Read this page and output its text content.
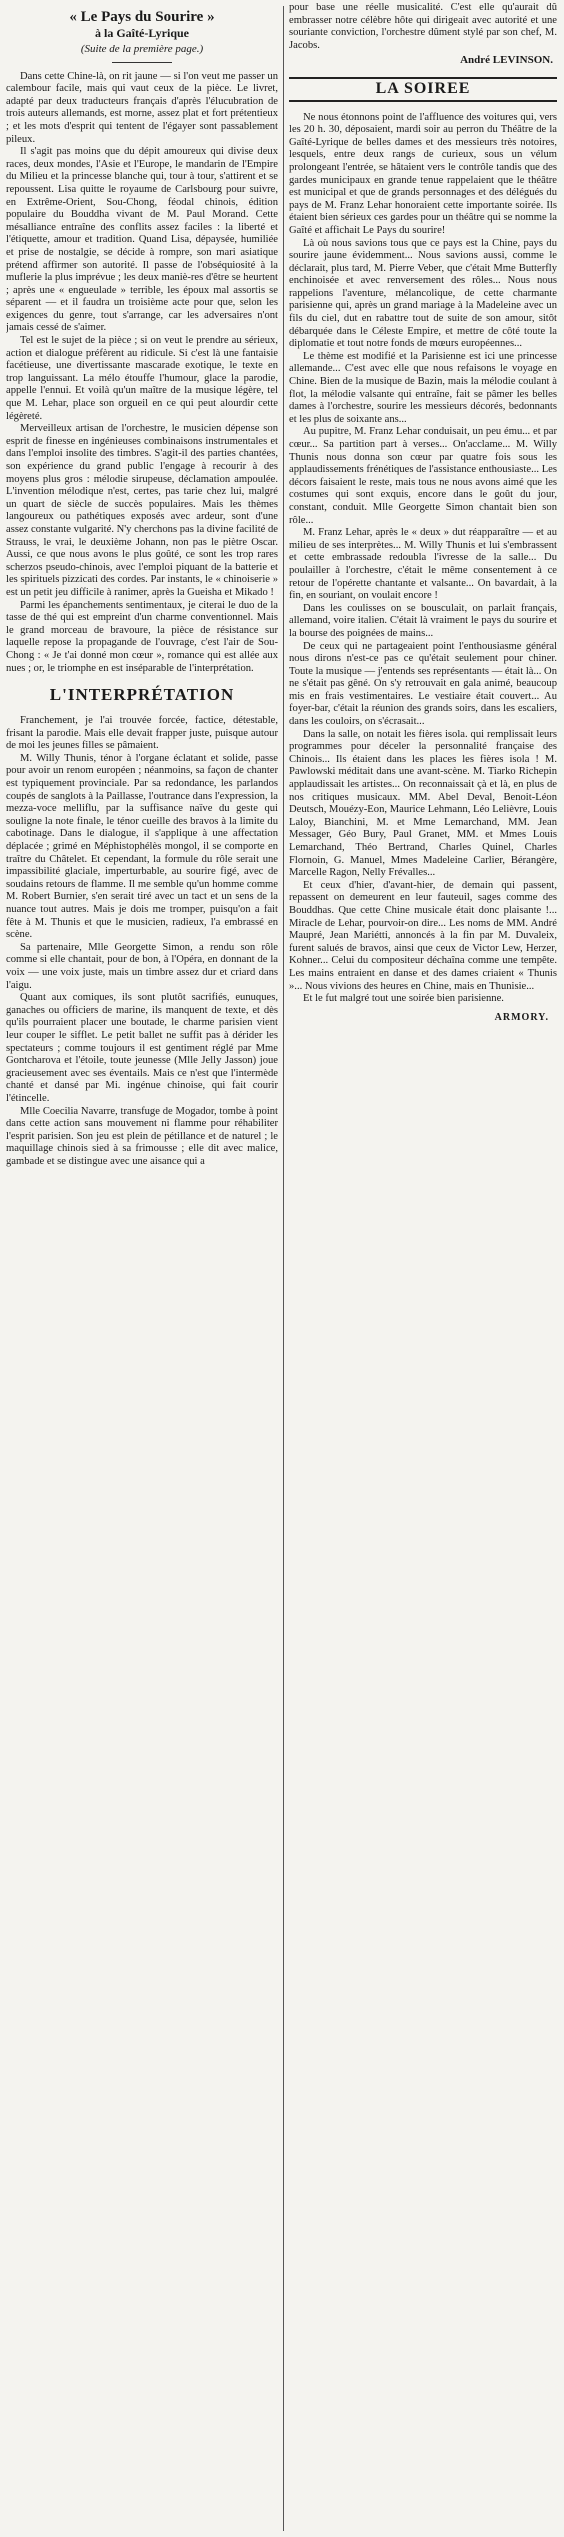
« Le Pays du Sourire »
à la Gaîté-Lyrique
(Suite de la première page.)

Dans cette Chine-là, on rit jaune — si l'on veut me passer un calembour facile, mais qui vaut ceux de la pièce. Le livret, adapté par deux traducteurs français d'après l'élucubration de trois auteurs allemands, est morne, assez plat et fort prétentieux ; et les mots d'esprit qui tentent de l'égayer sont passablement pileux.

Il s'agit pas moins que du dépit amoureux qui divise deux races, deux mondes, l'Asie et l'Europe, le mandarin de l'Empire du Milieu et la princesse blanche qui, tour à tour, s'attirent et se repoussent. Lisa quitte le royaume de Carlsbourg pour suivre, en Extrême-Orient, Sou-Chong, féodal chinois, édition populaire du Bouddha vivant de M. Paul Morand. Cette mésalliance entraîne des conflits assez faciles : la liberté et l'étiquette, amour et tradition. Quand Lisa, dépaysée, humiliée et prise de nostalgie, se décide à rompre, son mari asiatique prétend affirmer son autorité. Il passe de l'obséquiosité à la muflerie la plus imprévue ; les deux maniè-res d'être se heurtent ; après une « engueulade » terrible, les époux mal assortis se séparent — et il faudra un troisième acte pour que, selon les exigences du genre, tout s'arrange, car les adversaires n'ont jamais cessé de s'aimer.

Tel est le sujet de la pièce ; si on veut le prendre au sérieux, action et dialogue préfèrent au ridicule. Si c'est là une fantaisie facétieuse, une divertissante mascarade exotique, le texte en trop languissant. La mélo étouffe l'humour, glace la parodie, appelle l'ennui. Et voilà qu'un maître de la musique légère, tel que M. Lehar, place son orgueil en ce qui peut alourdir cette légèreté.

Merveilleux artisan de l'orchestre, le musicien dépense son esprit de finesse en ingénieuses combinaisons instrumentales et dans l'emploi insolite des timbres. S'agit-il des parties chantées, son expérience du grand public l'engage à recourir à des moyens plus gros : mélodie sirupeuse, déclamation ampoulée. L'invention mélodique n'est, certes, pas tarie chez lui, malgré un quart de siècle de succès populaires. Mais les thèmes langoureux ou pathétiques exposés avec ardeur, sont d'une assez constante vulgarité. N'y cherchons pas la divine facilité de Strauss, le vrai, le deuxième Johann, non pas le piètre Oscar. Aussi, ce que nous avons le plus goûté, ce sont les trop rares scherzos pseudo-chinois, avec l'emploi piquant de la batterie et les spirituels pizzicati des cordes. Par instants, le « chinoiserie » est un petit jeu difficile à ranimer, après la Gueisha et Mikado !

Parmi les épanchements sentimentaux, je citerai le duo de la tasse de thé qui est empreint d'un charme conventionnel. Mais le grand morceau de bravoure, la pièce de résistance sur laquelle repose la propagande de l'ouvrage, c'est l'air de Sou-Chong : « Je t'ai donné mon cœur », romance qui est allée aux nues ; or, le triomphe en est inséparable de l'interprétation.

L'INTERPRÉTATION

Franchement, je l'ai trouvée forcée, factice, détestable, frisant la parodie. Mais elle devait frapper juste, puisque autour de moi les jeunes filles se pâmaient.

M. Willy Thunis, ténor à l'organe éclatant et solide, passe pour avoir un renom européen ; néanmoins, sa façon de chanter est typiquement provinciale. Par sa redondance, les parlandos coupés de sanglots à la Paillasse, l'outrance dans l'expression, la mezza-voce melliflu, par la suffisance naïve du geste qui souligne la note finale, le ténor cueille des bravos à la limite du cabotinage. Dans le dialogue, il s'applique à une affectation déplacée ; grimé en Méphistophélès mongol, il se comporte en traître du Châtelet. Et cependant, la formule du rôle serait une impassibilité glaciale, imperturbable, au sourire figé, avec de soudains retours de flamme. Il me semble qu'un homme comme M. Robert Burnier, s'en serait tiré avec un tact et un sens de la nuance tout autres. Mais je dois me tromper, puisqu'on a fait fête à M. Thunis et que le musicien, radieux, l'a embrassé en scène.

Sa partenaire, Mlle Georgette Simon, a rendu son rôle comme si elle chantait, pour de bon, à l'Opéra, en donnant de la voix — une voix juste, mais un timbre assez dur et criard dans l'aigu.

Quant aux comiques, ils sont plutôt sacrifiés, eunuques, ganaches ou officiers de marine, ils manquent de texte, et dès qu'ils pourraient placer une boutade, le charme parisien vient leur couper le sifflet. Le petit ballet ne suffit pas à dérider les spectateurs ; comme toujours il est gentiment réglé par Mme Gontcharova et l'étoile, toute jeunesse (Mlle Jelly Jasson) joue gracieusement avec ses éventails. Mais ce n'est que l'intermède chanté et dansé par Mi. ingénue chinoise, qui fait courir l'étincelle.

Mlle Coecilia Navarre, transfuge de Mogador, tombe à point dans cette action sans mouvement ni flamme pour réhabiliter l'esprit parisien. Son jeu est plein de pétillance et de naturel ; le maquillage chinois sied à sa frimousse ; elle dit avec malice, gambade et se distingue avec une aisance qui a

pour base une réelle musicalité. C'est elle qu'aurait dû embrasser notre célèbre hôte qui dirigeait avec autorité et une souriante conviction, l'orchestre dûment stylé par son chef, M. Jacobs.

André LEVINSON.
LA SOIREE

Ne nous étonnons point de l'affluence des voitures qui, vers les 20 h. 30, déposaient, mardi soir au perron du Théâtre de la Gaîté-Lyrique de belles dames et des messieurs très notoires, lesquels, entre deux rangs de curieux, sous un vélum prolongeant l'entrée, se hâtaient vers le contrôle tandis que des gardes municipaux en grande tenue rappelaient que le théâtre est municipal et que de grands personnages et des délégués du pays de M. Franz Lehar honoraient cette importante soirée. Ils étaient bien sérieux ces gardes pour un théâtre qui se nomme la Gaîté et affichait Le Pays du sourire!

Là où nous savions tous que ce pays est la Chine, pays du sourire jaune évidemment... Nous savions aussi, comme le déclarait, plus tard, M. Pierre Veber, que c'était Mme Butterfly enchinoisée et avec renversement des rôles... Nous nous rappelions l'aventure, mélancolique, de cette charmante parisienne qui, après un grand mariage à la Madeleine avec un fils du ciel, dut en rabattre tout de suite de son amour, sitôt débarquée dans le Céleste Empire, et mettre de côté toute la diplomatie et tout notre fonds de mœurs européennes...

Le thème est modifié et la Parisienne est ici une princesse allemande... C'est avec elle que nous refaisons le voyage en Chine. Bien de la musique de Bazin, mais la mélodie coulant à flot, la mélodie valsante qui entraîne, fait se pâmer les belles dames à l'orchestre, sourire les messieurs décorés, bedonnants et les plus de soixante ans...

Au pupitre, M. Franz Lehar conduisait, un peu ému... et par cœur... Sa partition part à verses... On'acclame... M. Willy Thunis nous donna son cœur par quatre fois sous les applaudissements frénétiques de l'assistance enthousiaste... Les décors faisaient le reste, mais tous ne nous avons aimé que les costumes qui sont exquis, encore dans le goût du jour, constant, conduit. Mlle Georgette Simon chantait bien son rôle...

M. Franz Lehar, après le « deux » dut réapparaître — et au milieu de ses interprètes... M. Willy Thunis et lui s'embrassent et cette embrassade redoubla l'ivresse de la salle... Du poulailler à l'orchestre, c'était le même consentement à ce retour de l'opérette chantante et valsante... On bavardait, à la fin, en souriant, on voulait encore !

Dans les coulisses on se bousculait, on parlait français, allemand, voire italien. C'était là vraiment le pays du sourire et la bourse des poignées de mains...

De ceux qui ne partageaient point l'enthousiasme général nous dirons n'est-ce pas ce qu'était seulement pour chiner. Toute la musique — j'entends ses représentants — était là... On ne s'était pas gêné. On s'y retrouvait en gala animé, beaucoup mis en frais vestimentaires. Le vestiaire était couvert... Au foyer-bar, c'était la réunion des grands soirs, dans les escaliers, dans les couloirs, on s'écrasait...

Dans la salle, on notait les fières isola. qui remplissait leurs programmes pour déceler la personnalité française des Chinois... Ils étaient dans les places les fières isola ! M. Pawlowski méditait dans une avant-scène. M. Tiarko Richepin applaudissait les artistes... On reconnaissait çà et là, en plus de nos critiques musicaux. MM. Abel Deval, Benoit-Léon Deutsch, Mouézy-Eon, Maurice Lehmann, Léo Lelièvre, Louis Laloy, Bianchini, M. et Mme Lemarchand, MM. Jean Messager, Géo Bury, Paul Granet, MM. et Mmes Louis Lemarchand, Théo Bertrand, Charles Quinel, Charles Flornoin, G. Manuel, Mmes Madeleine Carlier, Bérangère, Marcelle Ragon, Nelly Frévalles...

Et ceux d'hier, d'avant-hier, de demain qui passent, repassent on demeurent en leur fauteuil, sages comme des Bouddhas. Que cette Chine musicale était donc plaisante !... Miracle de Lehar, pourvoir-on dire... Les noms de MM. André Maupré, Jean Mariétti, annoncés à la fin par M. Duvaleix, furent salués de bravos, ainsi que ceux de Victor Lew, Herzer, Kohner... Celui du compositeur déchaîna comme une tempête. Les mains entraient en danse et des dames criaient « Thunis »... Nous vivions des heures en Chine, mais en Thunisie...

Et le fut malgré tout une soirée bien parisienne.

ARMORY.
